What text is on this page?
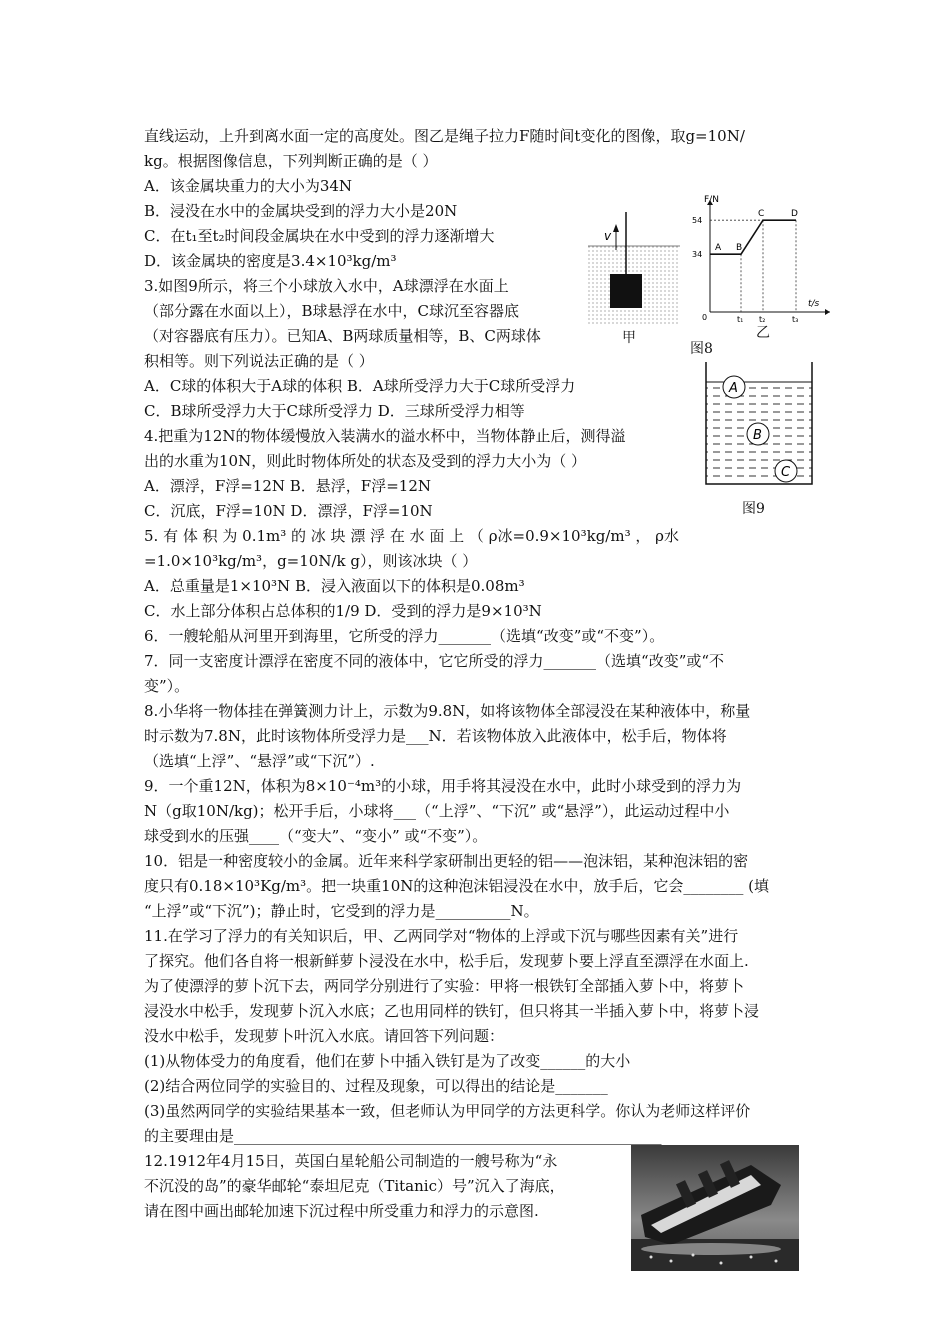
直线运动，上升到离水面一定的高度处。图乙是绳子拉力F随时间t变化的图像，取g=10N/
kg。根据图像信息，下列判断正确的是（ ）
A．该金属块重力的大小为34N
B．浸没在水中的金属块受到的浮力大小是20N
C．在t₁至t₂时间段金属块在水中受到的浮力逐渐增大
D．该金属块的密度是3.4×10³kg/m³
3.如图9所示，将三个小球放入水中，A球漂浮在水面上
（部分露在水面以上），B球悬浮在水中，C球沉至容器底
（对容器底有压力）。已知A、B两球质量相等，B、C两球体
积相等。则下列说法正确的是（ ）
A．C球的体积大于A球的体积 B．A球所受浮力大于C球所受浮力
C．B球所受浮力大于C球所受浮力 D．三球所受浮力相等
4.把重为12N的物体缓慢放入装满水的溢水杯中，当物体静止后，测得溢
出的水重为10N，则此时物体所处的状态及受到的浮力大小为（ ）
A．漂浮，F浮=12N B．悬浮，F浮=12N
C．沉底，F浮=10N D．漂浮，F浮=10N
5. 有 体 积 为 0.1m³ 的 冰 块 漂 浮 在 水 面 上 （ ρ冰=0.9×10³kg/m³ ， ρ水
=1.0×10³kg/m³，g=10N/k g），则该冰块（ ）
A．总重量是1×10³N B．浸入液面以下的体积是0.08m³
C．水上部分体积占总体积的1/9 D．受到的浮力是9×10³N
6．一艘轮船从河里开到海里，它所受的浮力_______（选填“改变”或“不变”）。
7．同一支密度计漂浮在密度不同的液体中，它它所受的浮力_______（选填“改变”或“不
变”）。
8.小华将一物体挂在弹簧测力计上，示数为9.8N，如将该物体全部浸没在某种液体中，称量
时示数为7.8N，此时该物体所受浮力是___N．若该物体放入此液体中，松手后，物体将
（选填“上浮”、“悬浮”或“下沉”）.
9．一个重12N，体积为8×10⁻⁴m³的小球，用手将其浸没在水中，此时小球受到的浮力为
N（g取10N/kg)；松开手后，小球将___（“上浮”、“下沉” 或“悬浮”），此运动过程中小
球受到水的压强____（“变大”、“变小” 或“不变”）。
10．铝是一种密度较小的金属。近年来科学家研制出更轻的铝——泡沫铝，某种泡沫铝的密
度只有0.18×10³Kg/m³。把一块重10N的这种泡沫铝浸没在水中，放手后，它会________ (填
“上浮”或“下沉”)；静止时，它受到的浮力是__________N。
11.在学习了浮力的有关知识后，甲、乙两同学对“物体的上浮或下沉与哪些因素有关”进行
了探究。他们各自将一根新鲜萝卜浸没在水中，松手后，发现萝卜要上浮直至漂浮在水面上.
为了使漂浮的萝卜沉下去，两同学分别进行了实验：甲将一根铁钉全部插入萝卜中，将萝卜
浸没水中松手，发现萝卜沉入水底；乙也用同样的铁钉，但只将其一半插入萝卜中，将萝卜浸
没水中松手，发现萝卜叶沉入水底。请回答下列问题：
(1)从物体受力的角度看，他们在萝卜中插入铁钉是为了改变______的大小
(2)结合两位同学的实验目的、过程及现象，可以得出的结论是_______
(3)虽然两同学的实验结果基本一致，但老师认为甲同学的方法更科学。你认为老师这样评价
的主要理由是_________________________________________________________
12.1912年4月15日，英国白星轮船公司制造的一艘号称为“永
不沉没的岛”的豪华邮轮“泰坦尼克（Titanic）号”沉入了海底，
请在图中画出邮轮加速下沉过程中所受重力和浮力的示意图.
v
甲
F/N
t/s
0
54
34
t₁ t₂	t₃
A B
C	D
乙
图8
A
B
C
图9
